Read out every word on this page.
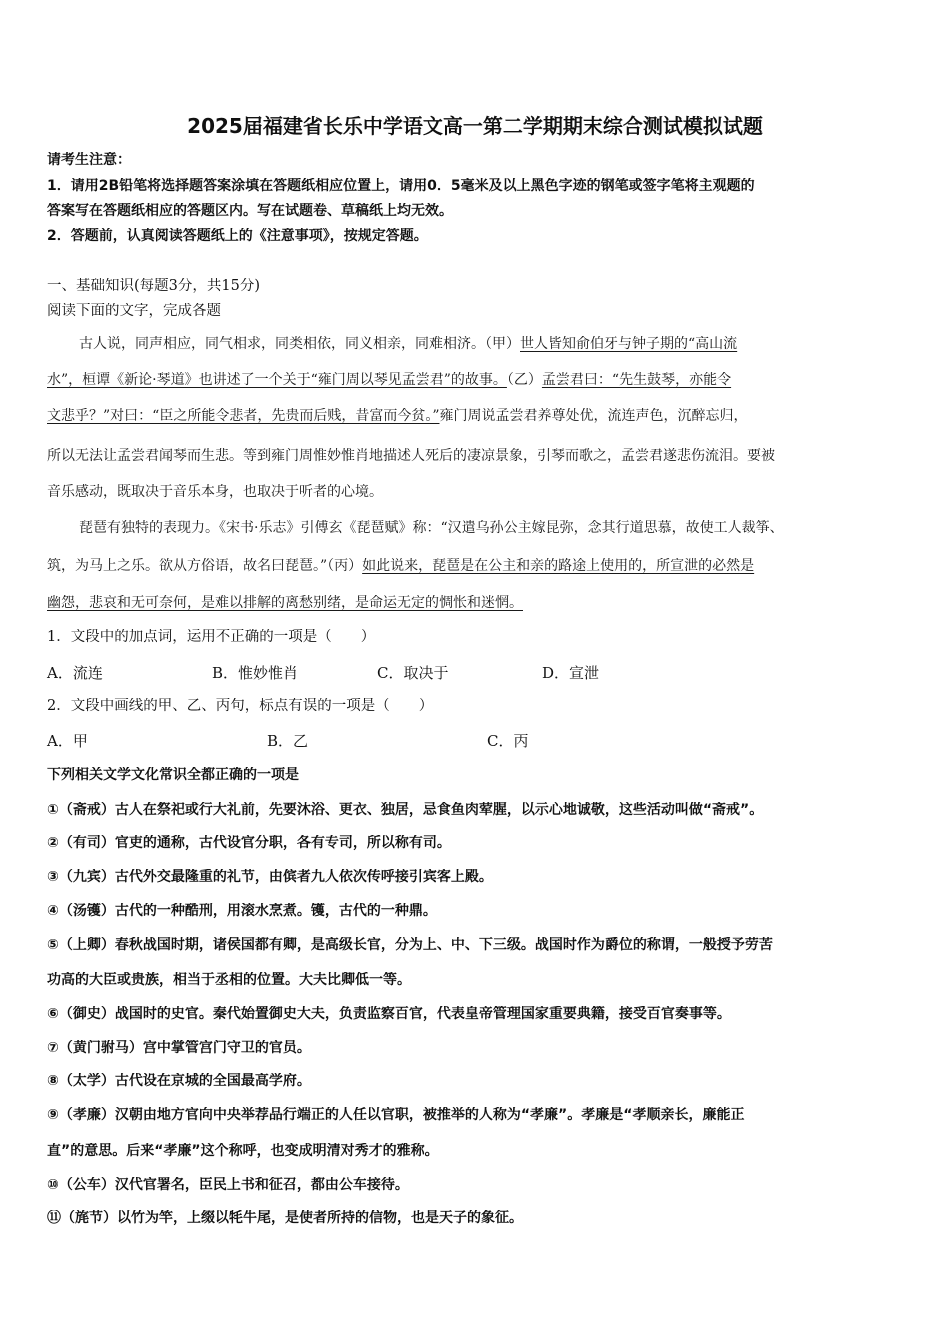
2025届福建省长乐中学语文高一第二学期期末综合测试模拟试题
请考生注意：
1．请用2B铅笔将选择题答案涂填在答题纸相应位置上，请用0．5毫米及以上黑色字迹的钢笔或签字笔将主观题的
答案写在答题纸相应的答题区内。写在试题卷、草稿纸上均无效。
2．答题前，认真阅读答题纸上的《注意事项》，按规定答题。
一、基础知识(每题3分，共15分)
阅读下面的文字，完成各题
古人说，同声相应，同气相求，同类相依，同义相亲，同难相济。（甲）世人皆知俞伯牙与钟子期的“高山流
水”，桓谭《新论·琴道》也讲述了一个关于“雍门周以琴见孟尝君”的故事。（乙）孟尝君曰：“先生鼓琴，亦能令
文悲乎？”对曰：“臣之所能令悲者，先贵而后贱，昔富而今贫。”雍门周说孟尝君养尊处优，流连声色，沉醉忘归，
所以无法让孟尝君闻琴而生悲。等到雍门周惟妙惟肖地描述人死后的凄凉景象，引琴而歌之，孟尝君遂悲伤流泪。要被
音乐感动，既取决于音乐本身，也取决于听者的心境。
琵琶有独特的表现力。《宋书·乐志》引傅玄《琵琶赋》称：“汉遣乌孙公主嫁昆弥，念其行道思慕，故使工人裁筝、
筑，为马上之乐。欲从方俗语，故名曰琵琶。”（丙）如此说来，琵琶是在公主和亲的路途上使用的，所宣泄的必然是
幽怨，悲哀和无可奈何，是难以排解的离愁别绪，是命运无定的惆怅和迷惘。
1．文段中的加点词，运用不正确的一项是（　　）
A．流连	B．惟妙惟肖	C．取决于	D．宣泄
2．文段中画线的甲、乙、丙句，标点有误的一项是（　　）
A．甲	B．乙	C．丙
下列相关文学文化常识全都正确的一项是
①（斋戒）古人在祭祀或行大礼前，先要沐浴、更衣、独居，忌食鱼肉荤腥，以示心地诚敬，这些活动叫做“斋戒”。
②（有司）官吏的通称，古代设官分职，各有专司，所以称有司。
③（九宾）古代外交最隆重的礼节，由傧者九人依次传呼接引宾客上殿。
④（汤镬）古代的一种酷刑，用滚水烹煮。镬，古代的一种鼎。
⑤（上卿）春秋战国时期，诸侯国都有卿，是高级长官，分为上、中、下三级。战国时作为爵位的称谓，一般授予劳苦
功高的大臣或贵族，相当于丞相的位置。大夫比卿低一等。
⑥（御史）战国时的史官。秦代始置御史大夫，负责监察百官，代表皇帝管理国家重要典籍，接受百官奏事等。
⑦（黄门驸马）宫中掌管宫门守卫的官员。
⑧（太学）古代设在京城的全国最高学府。
⑨（孝廉）汉朝由地方官向中央举荐品行端正的人任以官职，被推举的人称为“孝廉”。孝廉是“孝顺亲长，廉能正
直”的意思。后来“孝廉”这个称呼，也变成明清对秀才的雅称。
⑩（公车）汉代官署名，臣民上书和征召，都由公车接待。
⑪（旄节）以竹为竿，上缀以牦牛尾，是使者所持的信物，也是天子的象征。
